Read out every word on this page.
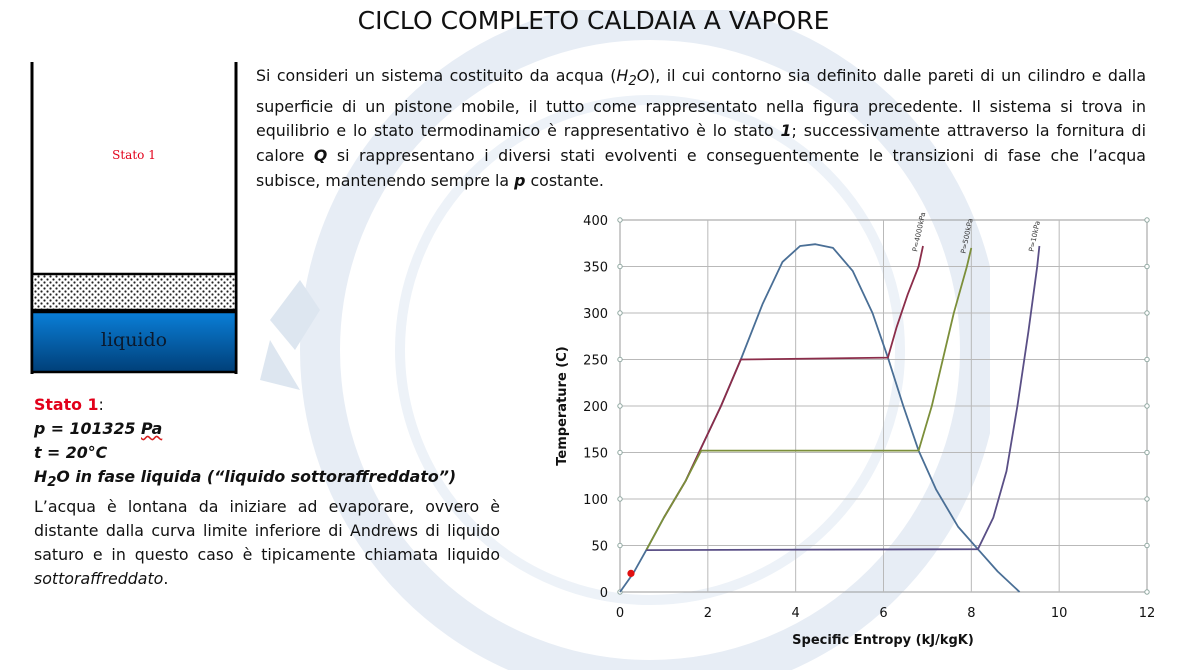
CICLO COMPLETO CALDAIA A VAPORE
Stato 1
liquido
Si consideri un sistema costituito da acqua $(H_2O)$, il cui contorno sia definito dalle pareti di un cilindro e dalla superficie di un pistone mobile, il tutto come rappresentato nella figura precedente. Il sistema si trova in equilibrio e lo stato termodinamico è rappresentativo è lo stato 1; successivamente attraverso la fornitura di calore Q si rappresentano i diversi stati evolventi e conseguentemente le transizioni di fase che l’acqua subisce, mantenendo sempre la p costante.
Stato 1:
p = 101325 Pa
t = 20°C
$H_2O$ in fase liquida (“liquido sottoraffreddato”)
L’acqua è lontana da iniziare ad evaporare, ovvero è distante dalla curva limite inferiore di Andrews di liquido saturo e in questo caso è tipicamente chiamata liquido sottoraffreddato.
0	2	4	6	8	10	12
0
50
100
150
200
250
300
350
400	P=4000kPa	P=500kPa	P=10kPa
Specific Entropy (kJ/kgK)
Temperature (C)
